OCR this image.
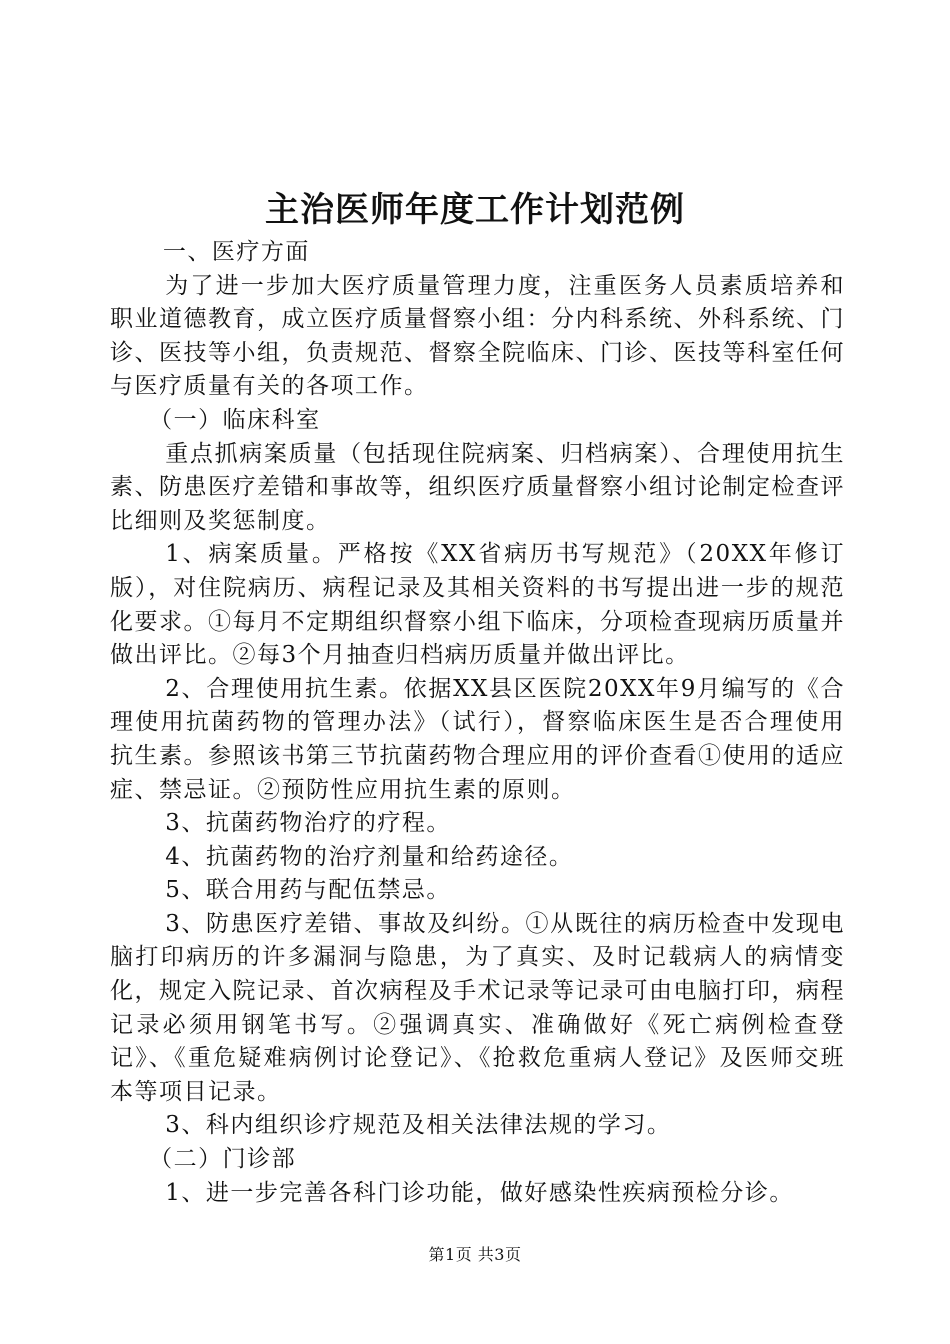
主治医师年度工作计划范例

一、医疗方面

为了进一步加大医疗质量管理力度，注重医务人员素质培养和职业道德教育，成立医疗质量督察小组：分内科系统、外科系统、门诊、医技等小组，负责规范、督察全院临床、门诊、医技等科室任何与医疗质量有关的各项工作。

（一）临床科室

重点抓病案质量（包括现住院病案、归档病案）、合理使用抗生素、防患医疗差错和事故等，组织医疗质量督察小组讨论制定检查评比细则及奖惩制度。

1、病案质量。严格按《XX省病历书写规范》（20XX年修订版），对住院病历、病程记录及其相关资料的书写提出进一步的规范化要求。①每月不定期组织督察小组下临床，分项检查现病历质量并做出评比。②每3个月抽查归档病历质量并做出评比。

2、合理使用抗生素。依据XX县区医院20XX年9月编写的《合理使用抗菌药物的管理办法》（试行），督察临床医生是否合理使用抗生素。参照该书第三节抗菌药物合理应用的评价查看①使用的适应症、禁忌证。②预防性应用抗生素的原则。

3、抗菌药物治疗的疗程。

4、抗菌药物的治疗剂量和给药途径。

5、联合用药与配伍禁忌。

3、防患医疗差错、事故及纠纷。①从既往的病历检查中发现电脑打印病历的许多漏洞与隐患，为了真实、及时记载病人的病情变化，规定入院记录、首次病程及手术记录等记录可由电脑打印，病程记录必须用钢笔书写。②强调真实、准确做好《死亡病例检查登记》、《重危疑难病例讨论登记》、《抢救危重病人登记》及医师交班本等项目记录。

3、科内组织诊疗规范及相关法律法规的学习。

（二）门诊部

1、进一步完善各科门诊功能，做好感染性疾病预检分诊。

第1页 共3页
